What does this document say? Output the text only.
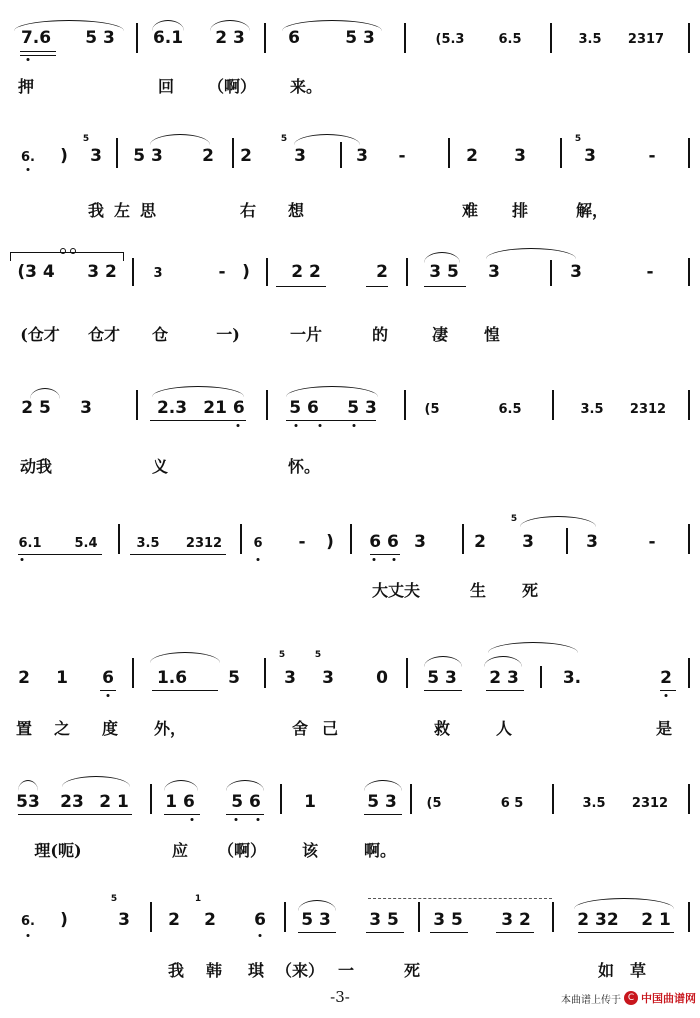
7.6 5 3 6.1 2 3	6	5 3	(5.3	6.5	3.5 2317
押	回 （啊） 来。
6. )
5
3 5 3 2 2
5
3	3 -	2 3
5
3	-
我 左 思	右 想	难 排	解，
(3 4 3 2	3	- ) 2 2	2 3 5 3	3	-
(仓才 仓才 仓	一)	一片	的	凄 惶
2 5 3	2.3 21 6	5 6 5 3	(5	6.5	3.5 2312
动我	义	怀。
6.1	5.4	3.5 2312 6 - ) 6 6 3	2
5
3	3	-
大丈夫	生 死
2 1 6	1.6 5
5
3
5
3 0 5 3 2 3	3.	2
置 之 度 外，	舍 己	救	人	是
53 23 2 1 1 6 5 6	1	5 3 (5	6 5	3.5 2312
理(呃)	应 （啊） 该	啊。
6. )
5
3 2
1
2 6 5 3 3 5 3 5 3 2	2 32 2 1
我 韩 琪 （来） 一	死	如 草
-3-	本曲谱上传于 C 中国曲谱网
